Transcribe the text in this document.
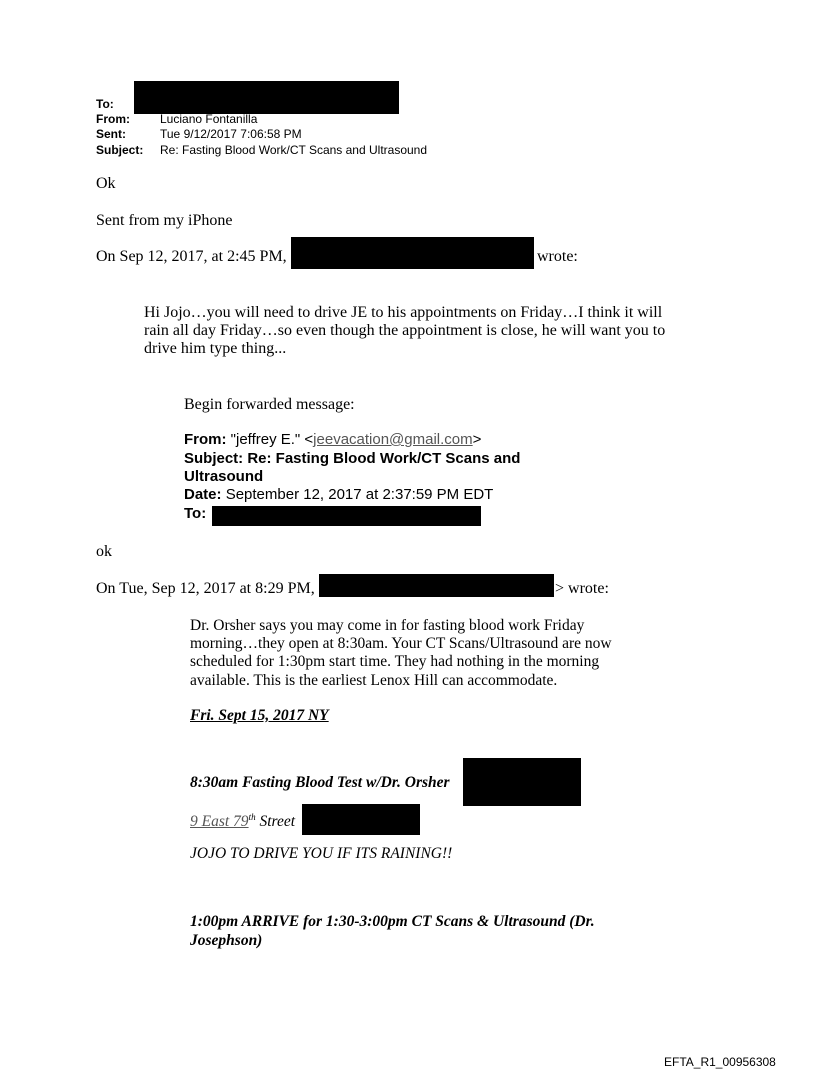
To:
From:	Luciano Fontanilla
Sent:	Tue 9/12/2017 7:06:58 PM
Subject: Re: Fasting Blood Work/CT Scans and Ultrasound
Ok
Sent from my iPhone
On Sep 12, 2017, at 2:45 PM,	wrote:
Hi Jojo…you will need to drive JE to his appointments on Friday…I think it will
rain all day Friday…so even though the appointment is close, he will want you to
drive him type thing...
Begin forwarded message:
From: "jeffrey E." <jeevacation@gmail.com>
Subject: Re: Fasting Blood Work/CT Scans and
Ultrasound
Date: September 12, 2017 at 2:37:59 PM EDT
To:
ok
On Tue, Sep 12, 2017 at 8:29 PM,	> wrote:
Dr. Orsher says you may come in for fasting blood work Friday
morning…they open at 8:30am. Your CT Scans/Ultrasound are now
scheduled for 1:30pm start time. They had nothing in the morning
available. This is the earliest Lenox Hill can accommodate.
Fri. Sept 15, 2017 NY
8:30am Fasting Blood Test w/Dr. Orsher
9 East 79th Street
JOJO TO DRIVE YOU IF ITS RAINING!!
1:00pm ARRIVE for 1:30-3:00pm CT Scans & Ultrasound (Dr.
Josephson)
EFTA_R1_00956308
